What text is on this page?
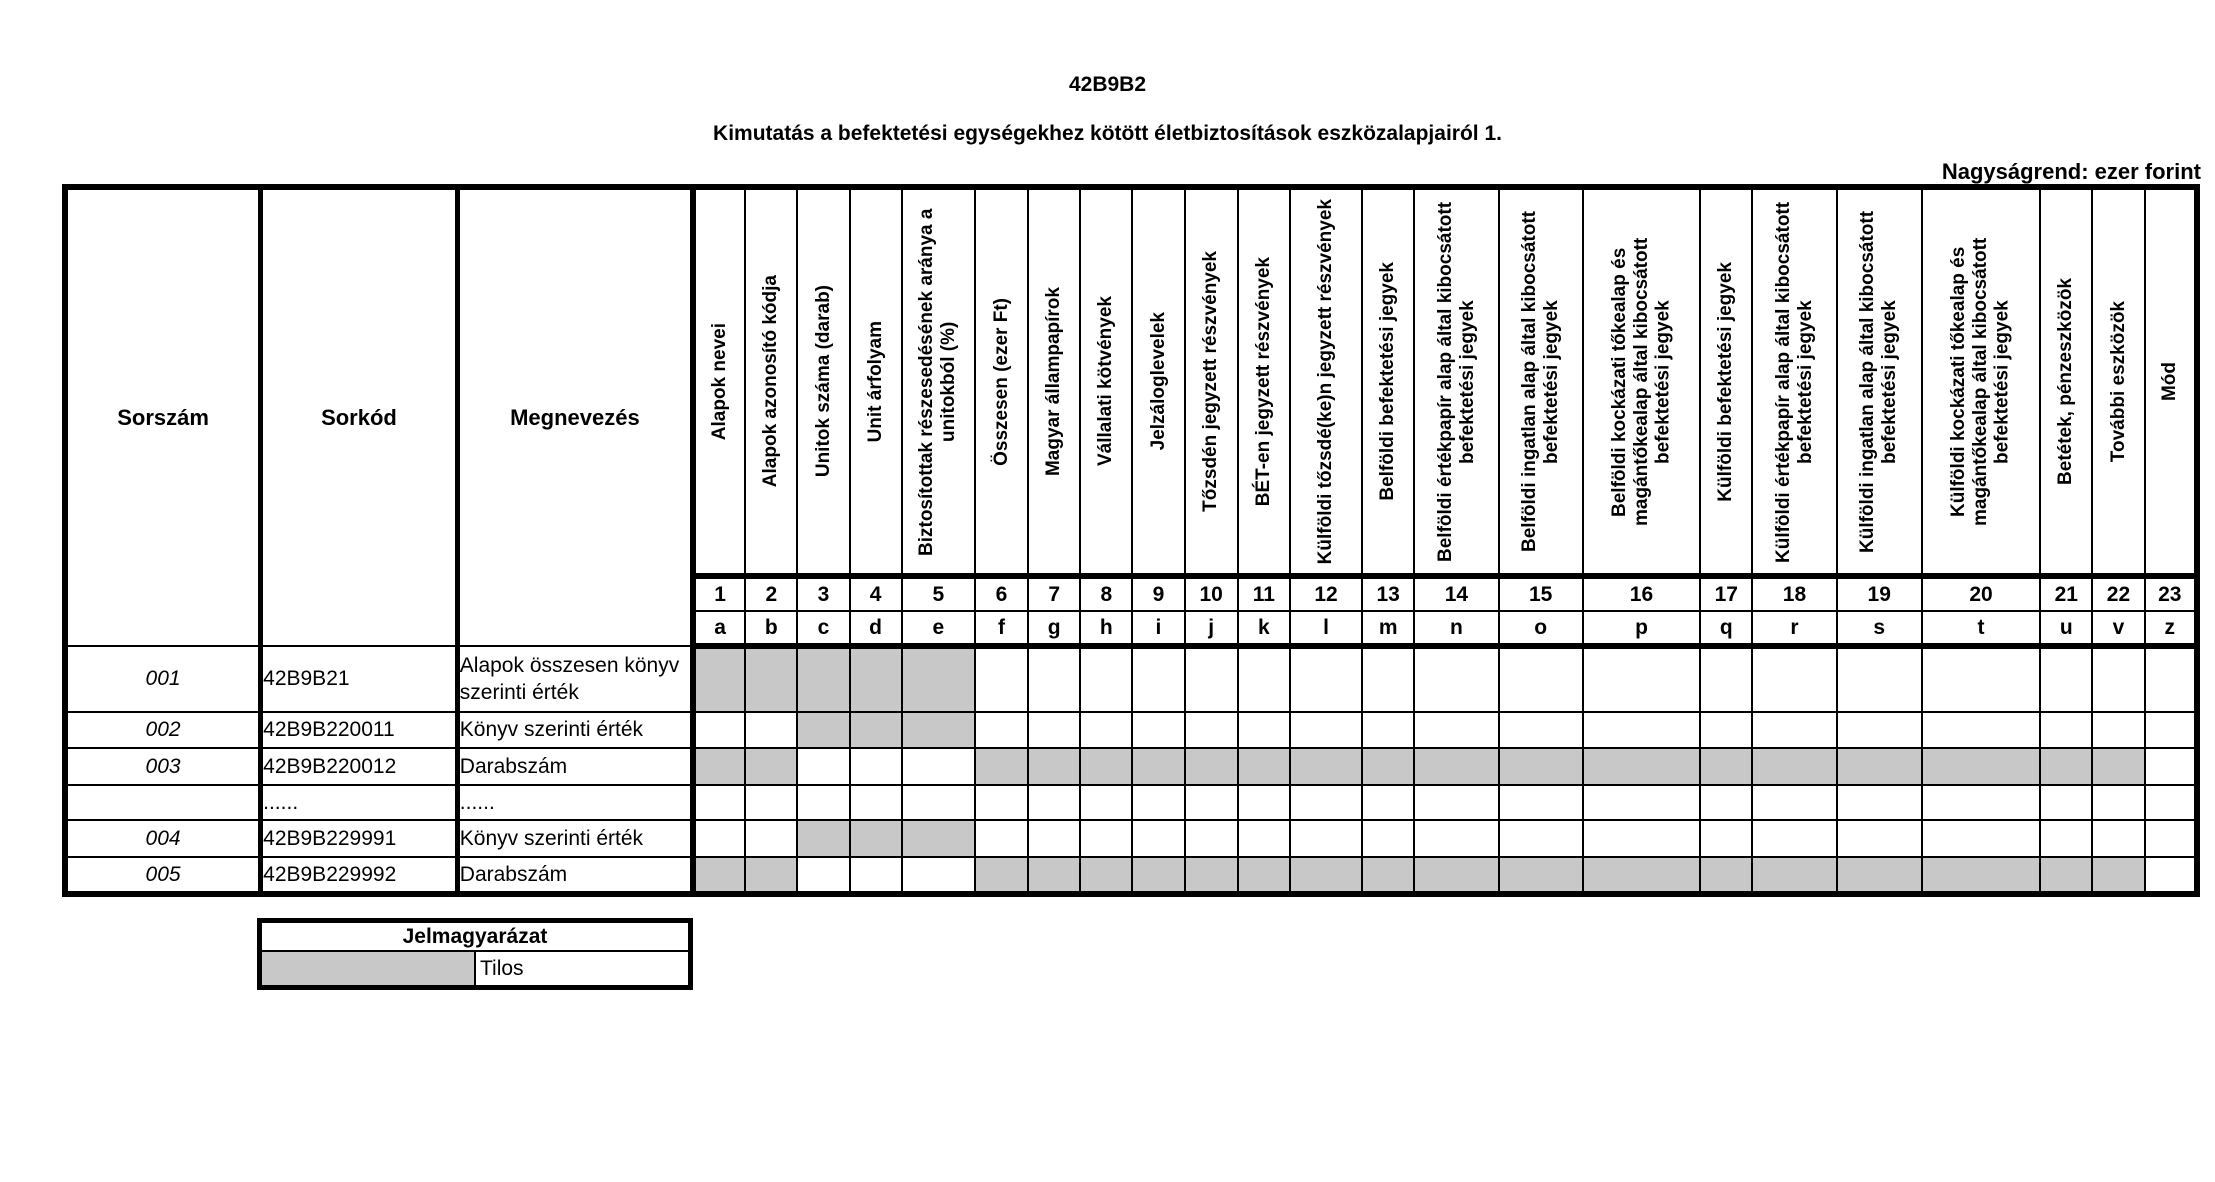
42B9B2
Kimutatás a befektetési egységekhez kötött életbiztosítások eszközalapjairól 1.
Nagyságrend: ezer forint
Sorszám	Sorkód	Megnevezés	Alapok nevei	Alapok azonosító kódja	Unitok száma (darab)	Unit árfolyam	Biztosítottak részesedésének aránya a unitokból (%)	Összesen (ezer Ft)	Magyar állampapírok	Vállalati kötvények	Jelzáloglevelek	Tőzsdén jegyzett részvények	BÉT-en jegyzett részvények	Külföldi tőzsdé(ke)n jegyzett részvények	Belföldi befektetési jegyek	Belföldi értékpapír alap által kibocsátott befektetési jegyek	Belföldi ingatlan alap által kibocsátott befektetési jegyek	Belföldi kockázati tőkealap és magántőkealap által kibocsátott befektetési jegyek	Külföldi befektetési jegyek	Külföldi értékpapír alap által kibocsátott befektetési jegyek	Külföldi ingatlan alap által kibocsátott befektetési jegyek	Külföldi kockázati tőkealap és magántőkealap által kibocsátott befektetési jegyek	Betétek, pénzeszközök	További eszközök	Mód

			1	2	3	4	5	6	7	8	9	10	11	12	13	14	15	16	17	18	19	20	21	22	23
			a	b	c	d	e	f	g	h	i	j	k	l	m	n	o	p	q	r	s	t	u	v	z
001	42B9B21	Alapok összesen könyv szerinti érték																							
002	42B9B220011	Könyv szerinti érték																							
003	42B9B220012	Darabszám																							
	......	......																							
004	42B9B229991	Könyv szerinti érték																							
005	42B9B229992	Darabszám																							
Jelmagyarázat
	Tilos
